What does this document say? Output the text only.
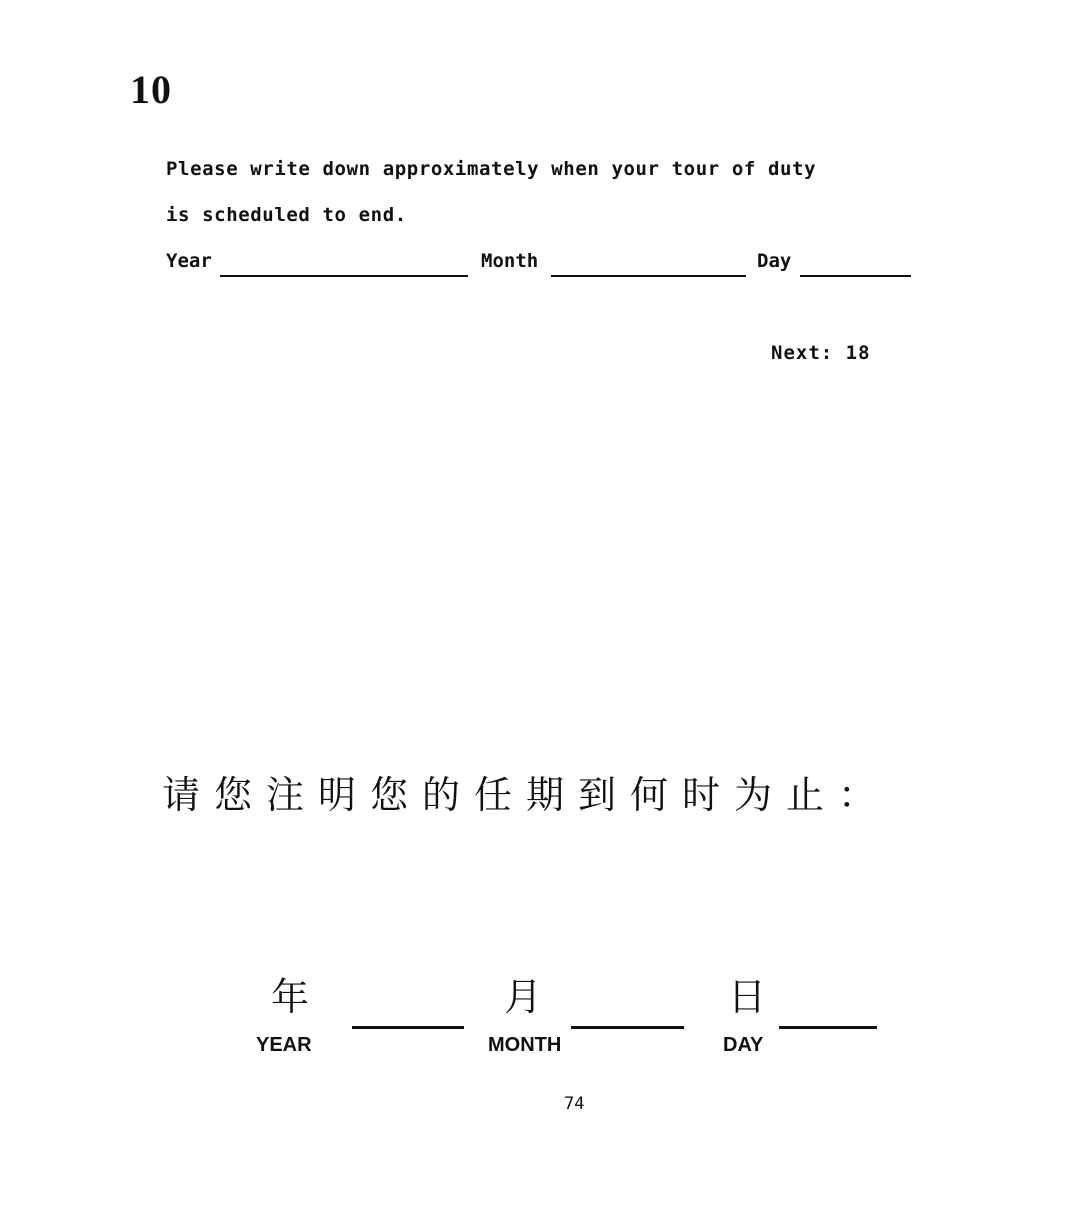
10
Please write down approximately when your tour of duty
is scheduled to end.
Year	Month	Day
Next: 18
请您注明您的任期到何时为止：
年
YEAR
月
MONTH
日
DAY
74
